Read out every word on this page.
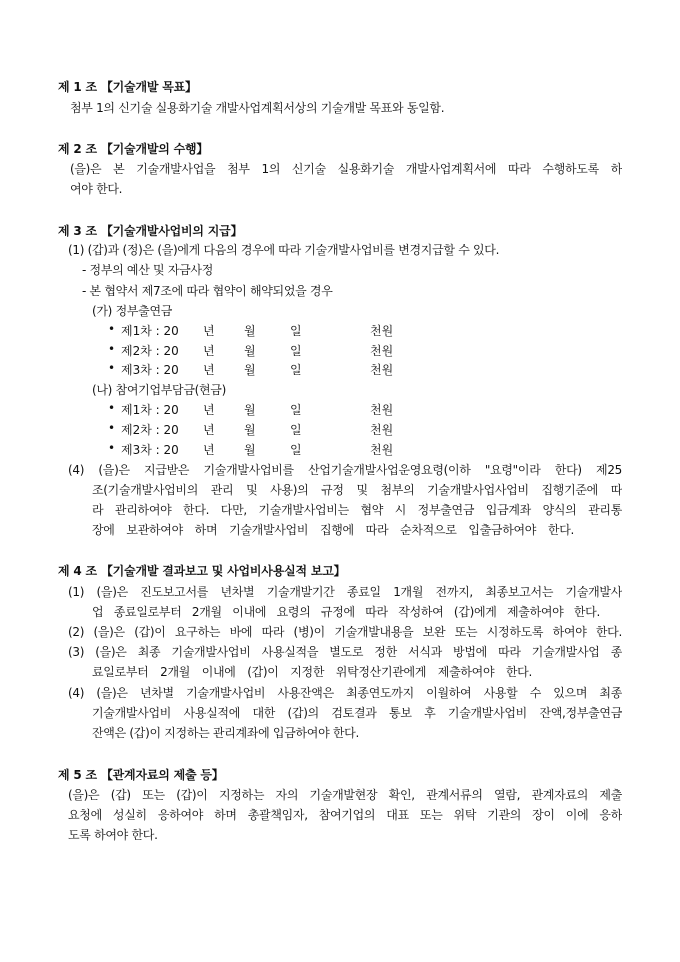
제 1 조 【기술개발 목표】
첨부 1의 신기술 실용화기술 개발사업계획서상의 기술개발 목표와 동일함.
제 2 조 【기술개발의 수행】
(을)은 본 기술개발사업을 첨부 1의 신기술 실용화기술 개발사업계획서에 따라 수행하도록 하
여야 한다.
제 3 조 【기술개발사업비의 지급】
(1) (갑)과 (정)은 (을)에게 다음의 경우에 따라 기술개발사업비를 변경지급할 수 있다.
- 정부의 예산 및 자금사정
- 본 협약서 제7조에 따라 협약이 해약되었을 경우
(가) 정부출연금
• 제1차 : 20 년 월	일	천원
• 제2차 : 20 년 월	일	천원
• 제3차 : 20 년 월	일	천원
(나) 참여기업부담금(현금)
• 제1차 : 20 년 월	일	천원
• 제2차 : 20 년 월	일	천원
• 제3차 : 20 년 월	일	천원
(4) (을)은 지급받은 기술개발사업비를 산업기술개발사업운영요령(이하 "요령"이라 한다) 제25
조(기술개발사업비의 관리 및 사용)의 규정 및 첨부의 기술개발사업사업비 집행기준에 따
라 관리하여야 한다. 다만, 기술개발사업비는 협약 시 정부출연금 입금계좌 양식의 관리통
장에 보관하여야 하며 기술개발사업비 집행에 따라 순차적으로 입출금하여야 한다.
제 4 조 【기술개발 결과보고 및 사업비사용실적 보고】
(1) (을)은 진도보고서를 년차별 기술개발기간 종료일 1개월 전까지, 최종보고서는 기술개발사
업 종료일로부터 2개월 이내에 요령의 규정에 따라 작성하여 (갑)에게 제출하여야 한다.
(2) (을)은 (갑)이 요구하는 바에 따라 (병)이 기술개발내용을 보완 또는 시정하도록 하여야 한다.
(3) (을)은 최종 기술개발사업비 사용실적을 별도로 정한 서식과 방법에 따라 기술개발사업 종
료일로부터 2개월 이내에 (갑)이 지정한 위탁정산기관에게 제출하여야 한다.
(4) (을)은 년차별 기술개발사업비 사용잔액은 최종연도까지 이월하여 사용할 수 있으며 최종
기술개발사업비 사용실적에 대한 (갑)의 검토결과 통보 후 기술개발사업비 잔액,정부출연금
잔액은 (갑)이 지정하는 관리계좌에 입금하여야 한다.
제 5 조 【관계자료의 제출 등】
(을)은 (갑) 또는 (갑)이 지정하는 자의 기술개발현장 확인, 관계서류의 열람, 관계자료의 제출
요청에 성실히 응하여야 하며 총괄책임자, 참여기업의 대표 또는 위탁 기관의 장이 이에 응하
도록 하여야 한다.
